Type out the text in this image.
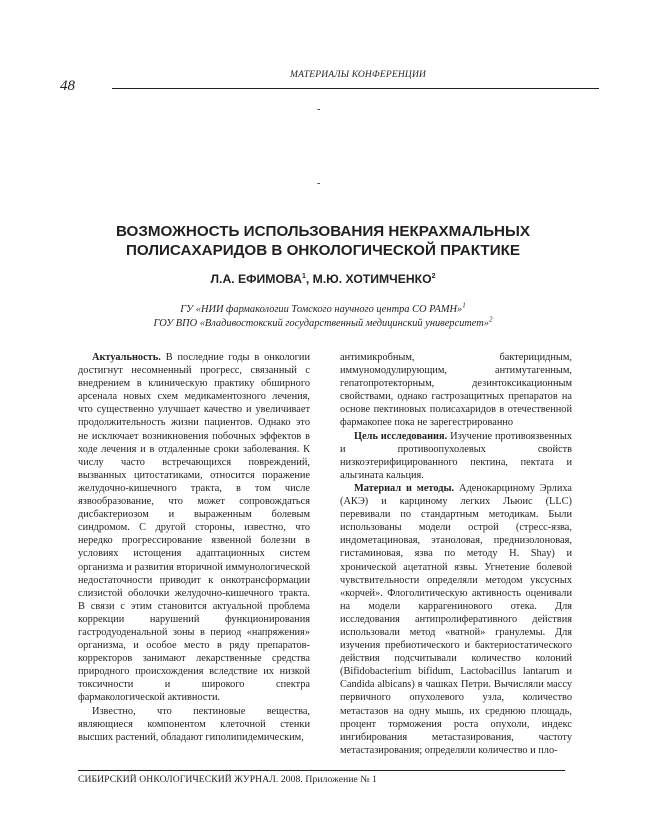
МАТЕРИАЛЫ КОНФЕРЕНЦИИ
48
-
-
ВОЗМОЖНОСТЬ ИСПОЛЬЗОВАНИЯ НЕКРАХМАЛЬНЫХ
ПОЛИСАХАРИДОВ В ОНКОЛОГИЧЕСКОЙ ПРАКТИКЕ
Л.А. ЕФИМОВА$^1$, М.Ю. ХОТИМЧЕНКО$^2$
ГУ «НИИ фармакологии Томского научного центра СО РАМН»$^1$
ГОУ ВПО «Владивостокский государственный медицинский университет»$^2$

Актуальность. В последние годы в онкологии достигнут несомненный прогресс, связанный с внедрением в клиническую практику обширного арсенала новых схем медикаментозного лечения, что существенно улучшает качество и увеличивает продолжительность жизни пациентов. Однако это не исключает возникновения побочных эффектов в ходе лечения и в отдаленные сроки заболевания. К числу часто встречающихся повреждений, вызванных цитостатиками, относится поражение желудочно-кишечного тракта, в том числе язвообразование, что может сопровождаться дисбактериозом и выраженным болевым синдромом. С другой стороны, известно, что нередко прогрессирование язвенной болезни в условиях истощения адаптационных систем организма и развития вторичной иммунологической недостаточности приводит к онкотрансформации слизистой оболочки желудочно-кишечного тракта. В связи с этим становится актуальной проблема коррекции нарушений функционирования гастродуоденальной зоны в период «напряжения» организма, и особое место в ряду препаратов-корректоров занимают лекарственные средства природного происхождения вследствие их низкой токсичности и широкого спектра фармакологической активности.

Известно, что пектиновые вещества, являющиеся компонентом клеточной стенки высших растений, обладают гиполипидемическим,

антимикробным, бактерицидным, иммуномодулирующим, антимутагенным, гепатопротекторным, дезинтоксикационным свойствами, однако гастрозащитных препаратов на основе пектиновых полисахаридов в отечественной фармакопее пока не зарегестрированно

Цель исследования. Изучение противоязвенных и противоопухолевых свойств низкоэтерифицированного пектина, пектата и альгината кальция.

Материал и методы. Аденокарциному Эрлиха (АКЭ) и карциному легких Льюис (LLC) перевивали по стандартным методикам. Были использованы модели острой (стресс-язва, индометациновая, этаноловая, преднизолоновая, гистаминовая, язва по методу H. Shay) и хронической ацетатной язвы. Угнетение болевой чувствительности определяли методом уксусных «корчей». Флоголитическую активность оценивали на модели каррагенинового отека. Для исследования антипролиферативного действия использовали метод «ватной» гранулемы. Для изучения пребиотического и бактериостатического действия подсчитывали количество колоний (Bifidobacterium bifidum, Lactobacillus lantarum и Candida albicans) в чашках Петри. Вычисляли массу первичного опухолевого узла, количество метастазов на одну мышь, их среднюю площадь, процент торможения роста опухоли, индекс ингибирования метастазирования, частоту метастазирования; определяли количество и пло-

СИБИРСКИЙ ОНКОЛОГИЧЕСКИЙ ЖУРНАЛ. 2008. Приложение № 1
